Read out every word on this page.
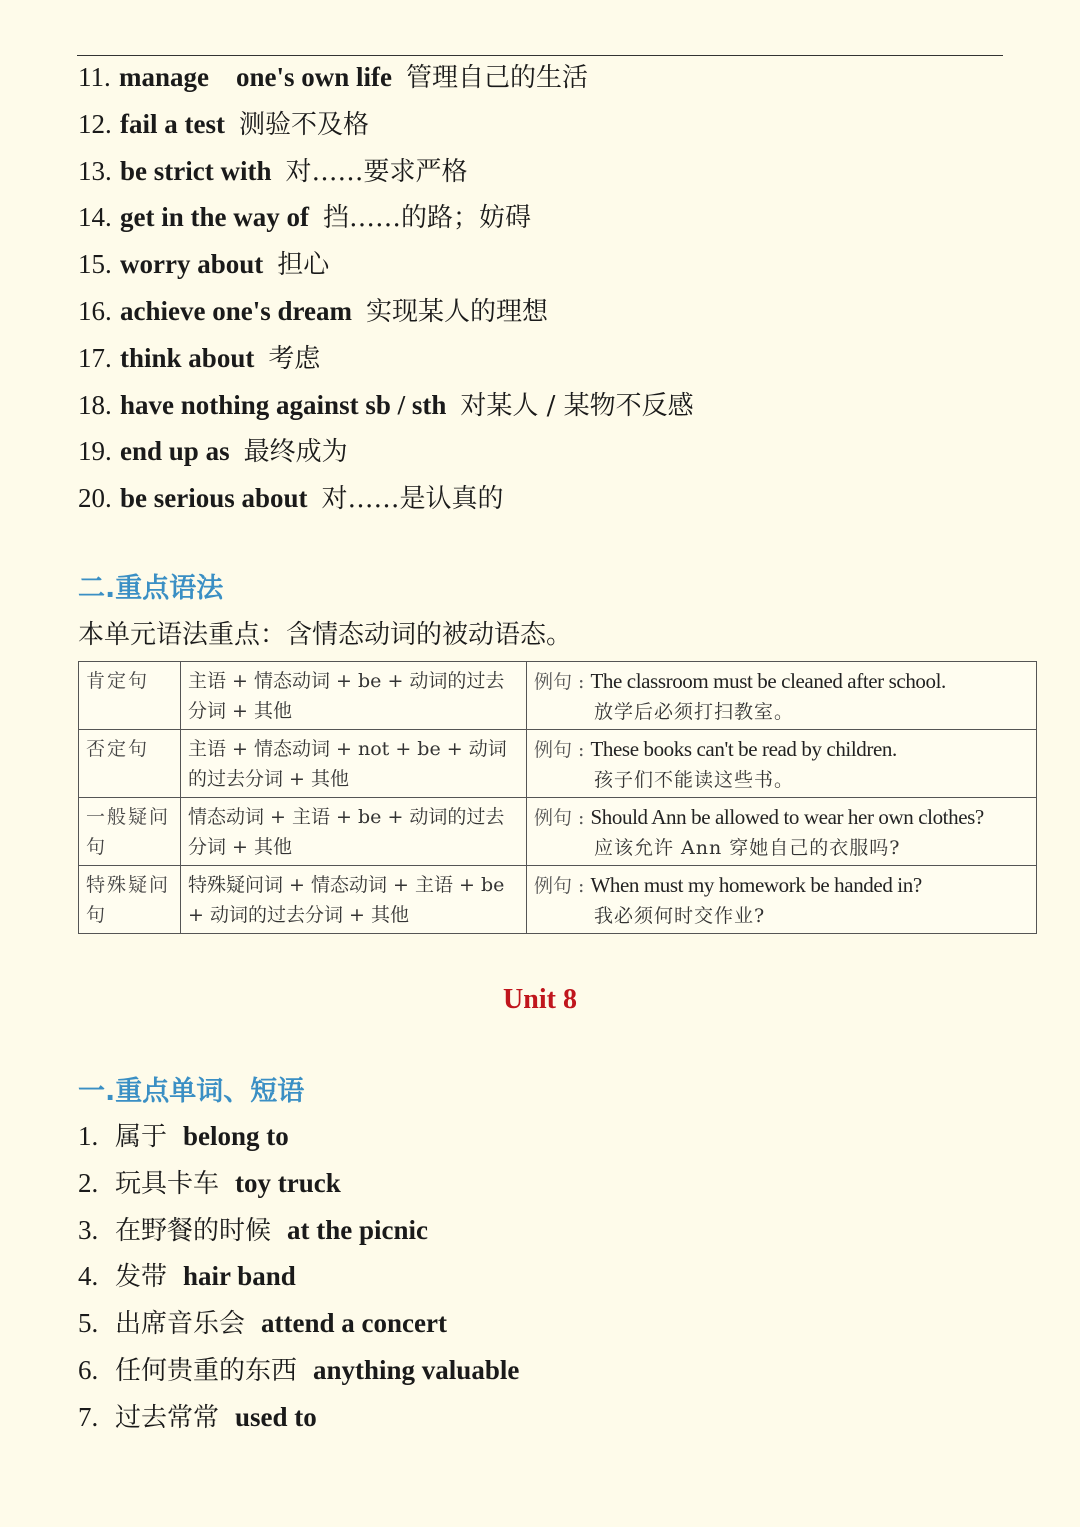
11. manage    one's own life 管理自己的生活
12. fail a test 测验不及格
13. be strict with 对……要求严格
14. get in the way of 挡……的路；妨碍
15. worry about 担心
16. achieve one's dream 实现某人的理想
17. think about 考虑
18. have nothing against sb / sth 对某人 / 某物不反感
19. end up as 最终成为
20. be serious about 对……是认真的
二.重点语法
本单元语法重点：含情态动词的被动语态。
肯定句	主语 + 情态动词 + be + 动词的过去分词 + 其他	例句 : The classroom must be cleaned after school.
放学后必须打扫教室。

否定句	主语 + 情态动词 + not + be + 动词的过去分词 + 其他	例句 : These books can't be read by children.
孩子们不能读这些书。

一般疑问句	情态动词 + 主语 + be + 动词的过去分词 + 其他	例句 : Should Ann be allowed to wear her own clothes?
应该允许 Ann 穿她自己的衣服吗?

特殊疑问句	特殊疑问词 + 情态动词 + 主语 + be + 动词的过去分词 + 其他	例句 : When must my homework be handed in?
我必须何时交作业?
Unit 8
一.重点单词、短语
1. 属于 belong to
2. 玩具卡车 toy truck
3. 在野餐的时候 at the picnic
4. 发带 hair band
5. 出席音乐会 attend a concert
6. 任何贵重的东西 anything valuable
7. 过去常常 used to
